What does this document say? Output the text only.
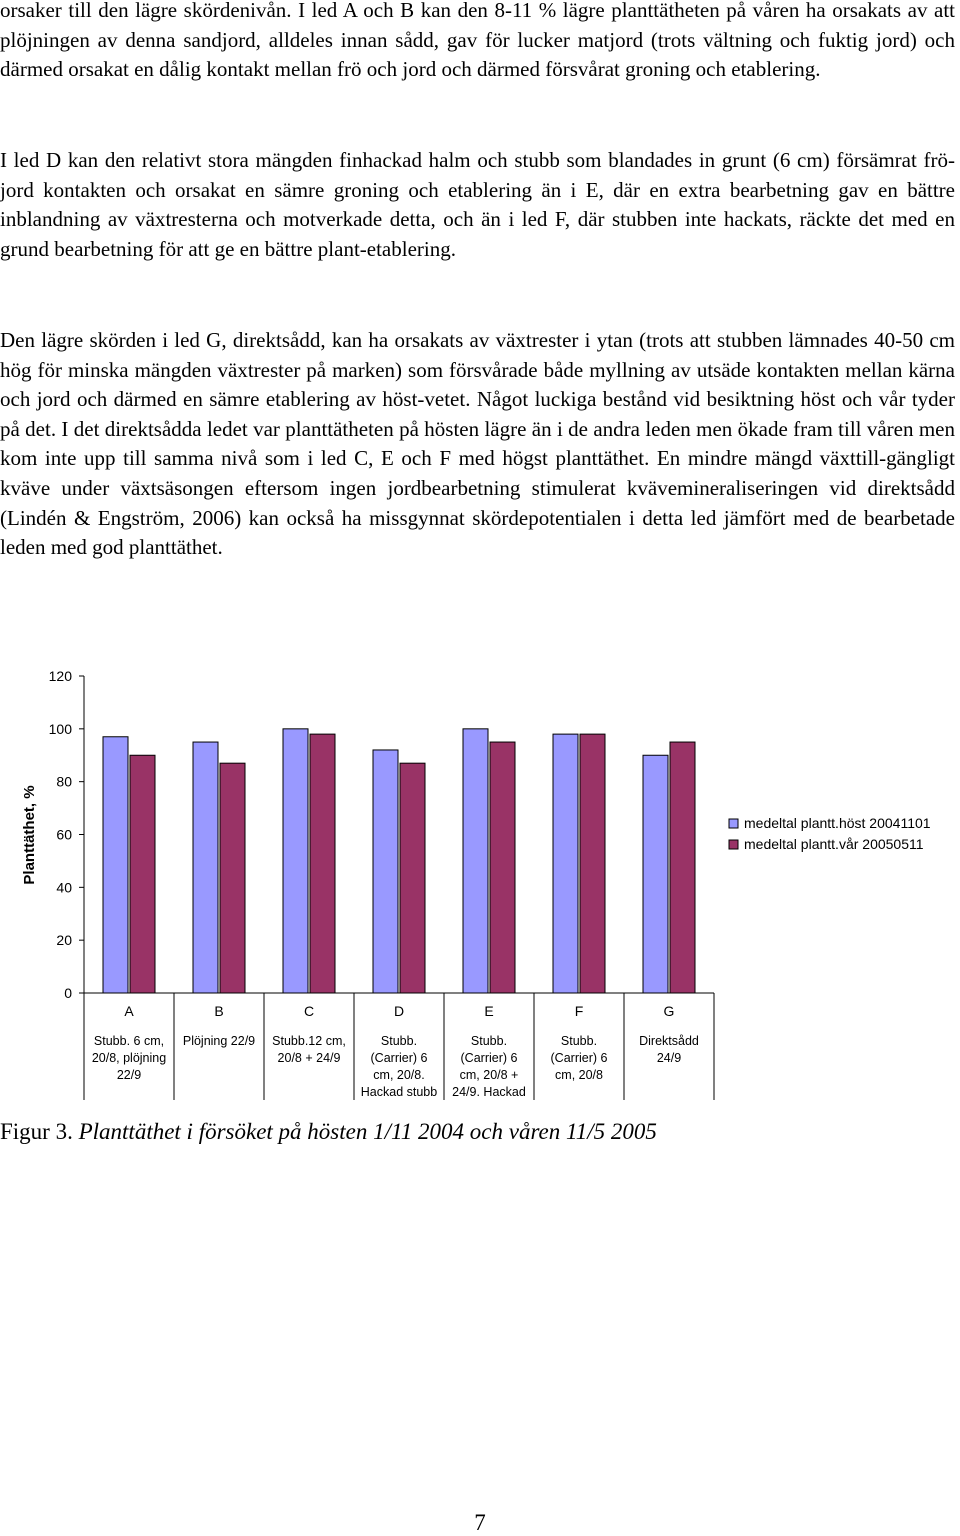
orsaker till den lägre skördenivån. I led A och B kan den 8-11 % lägre planttätheten på våren ha orsakats av att plöjningen av denna sandjord, alldeles innan sådd, gav för lucker matjord (trots vältning och fuktig jord) och därmed orsakat en dålig kontakt mellan frö och jord och därmed försvårat groning och etablering.

I led D kan den relativt stora mängden finhackad halm och stubb som blandades in grunt (6 cm) försämrat frö-jord kontakten och orsakat en sämre groning och etablering än i E, där en extra bearbetning gav en bättre inblandning av växtresterna och motverkade detta, och än i led F, där stubben inte hackats, räckte det med en grund bearbetning för att ge en bättre plant-etablering.

Den lägre skörden i led G, direktsådd, kan ha orsakats av växtrester i ytan (trots att stubben lämnades 40-50 cm hög för minska mängden växtrester på marken) som försvårade både myllning av utsäde kontakten mellan kärna och jord och därmed en sämre etablering av höst-vetet. Något luckiga bestånd vid besiktning höst och vår tyder på det. I det direktsådda ledet var planttätheten på hösten lägre än i de andra leden men ökade fram till våren men kom inte upp till samma nivå som i led C, E och F med högst planttäthet. En mindre mängd växttill-gängligt kväve under växtsäsongen eftersom ingen jordbearbetning stimulerat kvävemineraliseringen vid direktsådd (Lindén & Engström, 2006) kan också ha missgynnat skördepotentialen i detta led jämfört med de bearbetade leden med god planttäthet.

0
20
40
60
80
100
120
A
Stubb. 6 cm,
20/8, plöjning
22/9
B
Plöjning 22/9
C
Stubb.12 cm,
20/8 + 24/9
D
Stubb.
(Carrier) 6
cm, 20/8.
Hackad stubb
E
Stubb.
(Carrier) 6
cm, 20/8 +
24/9. Hackad
F
Stubb.
(Carrier) 6
cm, 20/8
G
Direktsådd
24/9
medeltal plantt.höst 20041101
medeltal plantt.vår 20050511
Planttäthet, %
Figur 3. Planttäthet i försöket på hösten 1/11 2004 och våren 11/5 2005
7
